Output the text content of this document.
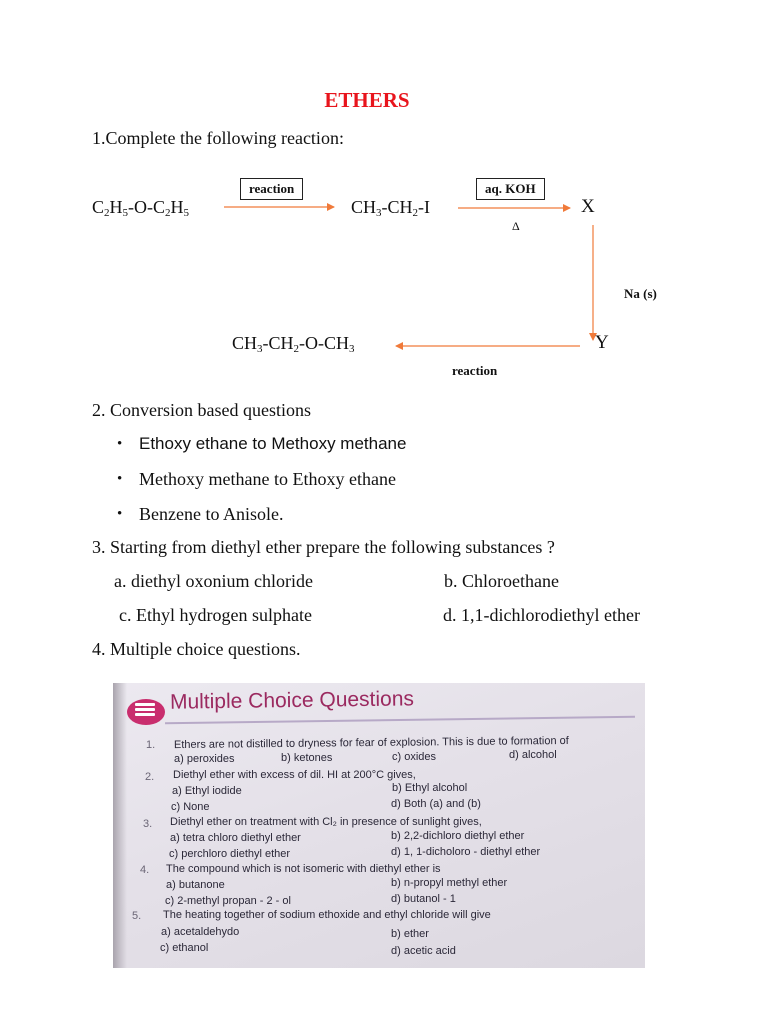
ETHERS
1.Complete the following reaction:
$C_2H_5-O-C_2H_5$
reaction
$CH_3-CH_2-I$
aq. KOH
Δ
X
Na (s)
Y
$CH_3-CH_2-O-CH_3$
reaction
2. Conversion based questions
• Ethoxy ethane to Methoxy methane
• Methoxy methane to Ethoxy ethane
• Benzene to Anisole.
3. Starting from diethyl ether prepare the following substances ?
a. diethyl oxonium chloride	b. Chloroethane
c. Ethyl hydrogen sulphate	d. 1,1-dichlorodiethyl ether
4. Multiple choice questions.
Multiple Choice Questions
1. Ethers are not distilled to dryness for fear of explosion. This is due to formation of
a) peroxides	b) ketones	c) oxides	d) alcohol
2. Diethyl ether with excess of dil. HI at 200°C gives,
a) Ethyl iodide	b) Ethyl alcohol
c) None	d) Both (a) and (b)
3. Diethyl ether on treatment with Cl₂ in presence of sunlight gives,
a) tetra chloro diethyl ether	b) 2,2-dichloro diethyl ether
c) perchloro diethyl ether	d) 1, 1-dicholoro - diethyl ether
4. The compound which is not isomeric with diethyl ether is
a) butanone	b) n-propyl methyl ether
c) 2-methyl propan - 2 - ol	d) butanol - 1
5. The heating together of sodium ethoxide and ethyl chloride will give
a) acetaldehydo	b) ether
c) ethanol	d) acetic acid
